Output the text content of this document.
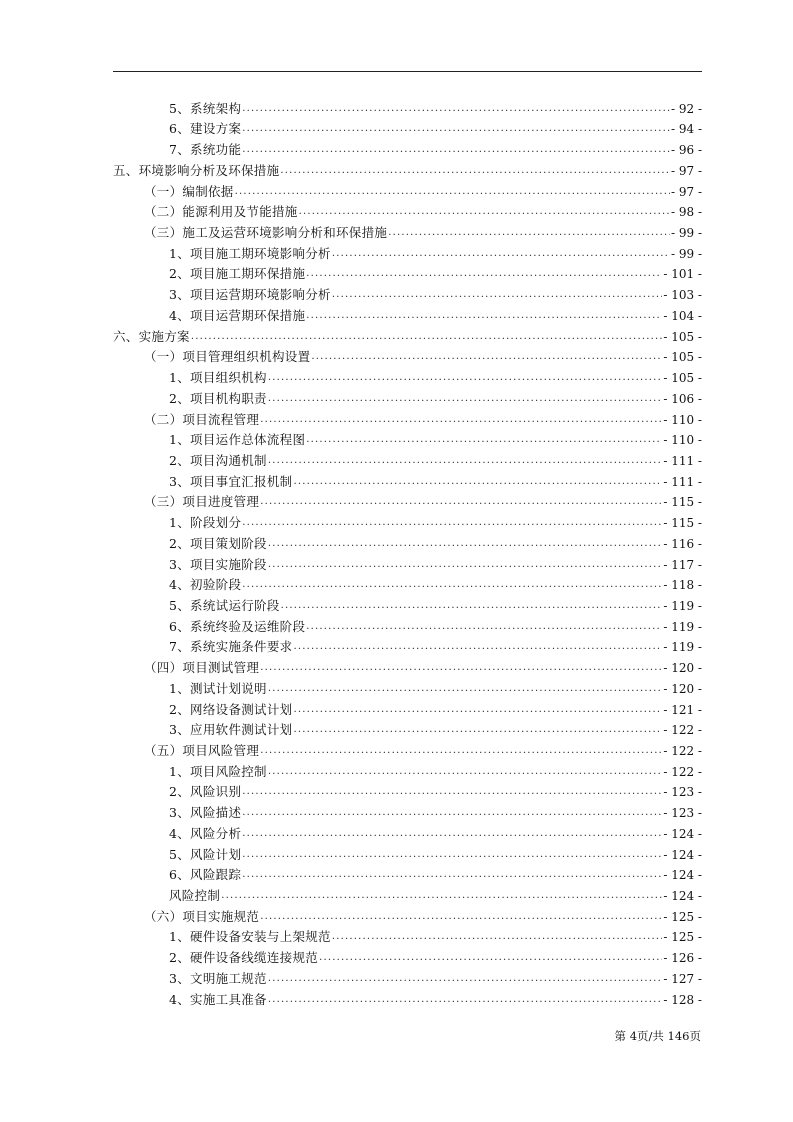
5、系统架构 .....	- 92 -
6、建设方案 .....	- 94 -
7、系统功能 .....	- 96 -
五、环境影响分析及环保措施 .....	- 97 -
（一）编制依据 .....	- 97 -
（二）能源利用及节能措施 .....	- 98 -
（三）施工及运营环境影响分析和环保措施 .....	- 99 -
1、项目施工期环境影响分析 .....	- 99 -
2、项目施工期环保措施 .....	- 101 -
3、项目运营期环境影响分析 .....	- 103 -
4、项目运营期环保措施 .....	- 104 -
六、实施方案 .....	- 105 -
（一）项目管理组织机构设置 .....	- 105 -
1、项目组织机构 .....	- 105 -
2、项目机构职责 .....	- 106 -
（二）项目流程管理 .....	- 110 -
1、项目运作总体流程图 .....	- 110 -
2、项目沟通机制 .....	- 111 -
3、项目事宜汇报机制 .....	- 111 -
（三）项目进度管理 .....	- 115 -
1、阶段划分 .....	- 115 -
2、项目策划阶段 .....	- 116 -
3、项目实施阶段 .....	- 117 -
4、初验阶段 .....	- 118 -
5、系统试运行阶段 .....	- 119 -
6、系统终验及运维阶段 .....	- 119 -
7、系统实施条件要求 .....	- 119 -
（四）项目测试管理 .....	- 120 -
1、测试计划说明 .....	- 120 -
2、网络设备测试计划 .....	- 121 -
3、应用软件测试计划 .....	- 122 -
（五）项目风险管理 .....	- 122 -
1、项目风险控制 .....	- 122 -
2、风险识别 .....	- 123 -
3、风险描述 .....	- 123 -
4、风险分析 .....	- 124 -
5、风险计划 .....	- 124 -
6、风险跟踪 .....	- 124 -
风险控制 .....	- 124 -
（六）项目实施规范 .....	- 125 -
1、硬件设备安装与上架规范 .....	- 125 -
2、硬件设备线缆连接规范 .....	- 126 -
3、文明施工规范 .....	- 127 -
4、实施工具准备 .....	- 128 -
第 4页/共 146页
